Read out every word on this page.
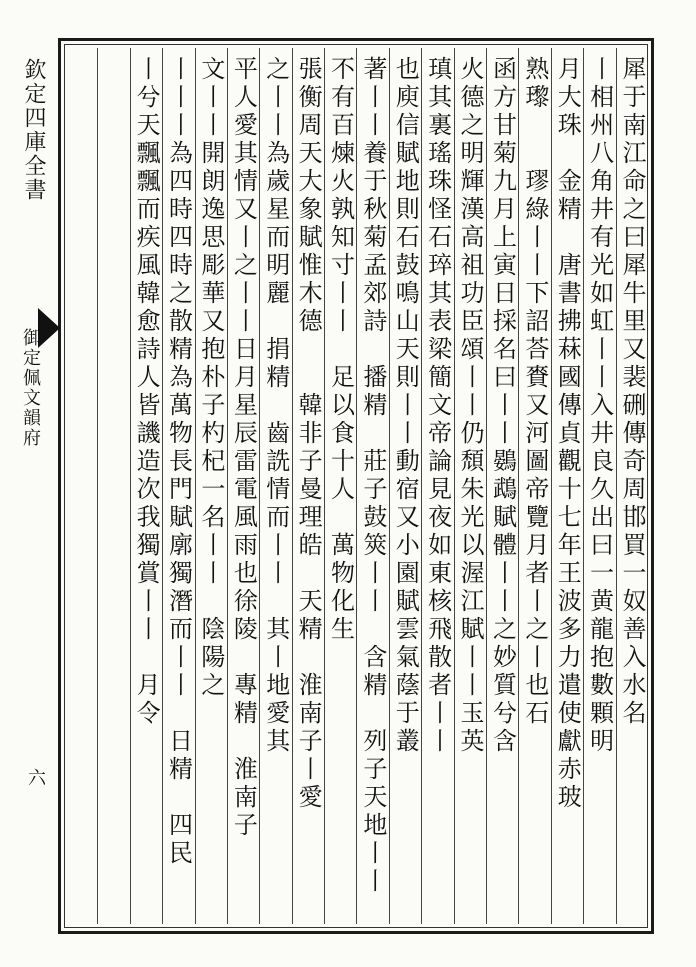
欽定四庫全書
御定佩文韻府
六
犀于南江命之曰犀牛里又裴硎傳奇周邯買一奴善入水名
丨相州八角井有光如虹丨丨入井良久出曰一黄龍抱數顆明
月大珠　金精　唐書拂菻國傳貞觀十七年王波多力遣使獻赤玻
熟瓈　　璆綠丨丨下詔荅賚又河圖帝覽月者丨之丨也石
函方甘菊九月上寅日採名曰丨丨鷃鵡賦體丨丨之妙質兮含
火德之明輝漢高祖功臣頌丨丨仍頹朱光以渥江賦丨丨玉英
瑱其裏瑤珠怪石琗其表梁簡文帝論見夜如東核飛散者丨丨
也庾信賦地則石鼓鳴山天則丨丨動宿又小園賦雲氣蔭于叢
著丨丨養于秋菊孟郊詩　播精　莊子鼓筴丨丨　含精　列子天地丨丨
不有百煉火孰知寸丨丨　足以食十人　萬物化生
張衡周天大象賦惟木德　　韓非子曼理皓　天精　淮南子丨愛
之丨丨為歲星而明麗　捐精　齒詵情而丨丨　其丨地愛其
平人愛其情又丨之丨丨日月星辰雷電風雨也徐陵　專精　淮南子
文丨丨開朗逸思彫華又抱朴子杓杞一名丨丨　陰陽之
丨丨丨為四時四時之散精為萬物長門賦廓獨潛而丨丨　日精　四民
丨兮天飄飄而疾風韓愈詩人皆譏造次我獨賞丨丨　月令
